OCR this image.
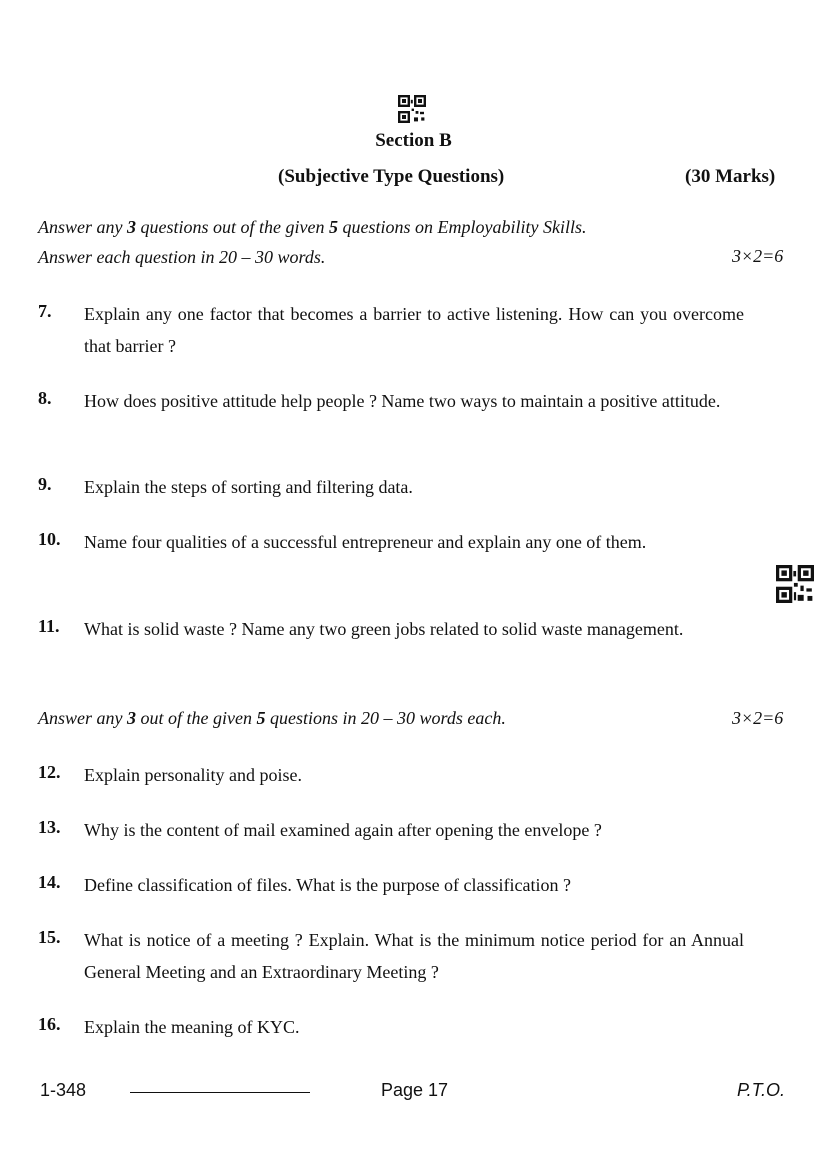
Section B
(Subjective Type Questions)	(30 Marks)
Answer any 3 questions out of the given 5 questions on Employability Skills.
Answer each question in 20 – 30 words.	3×2=6
7. Explain any one factor that becomes a barrier to active listening. How can you overcome that barrier ?
8. How does positive attitude help people ? Name two ways to maintain a positive attitude.
9. Explain the steps of sorting and filtering data.
10. Name four qualities of a successful entrepreneur and explain any one of them.
11. What is solid waste ? Name any two green jobs related to solid waste management.
Answer any 3 out of the given 5 questions in 20 – 30 words each.	3×2=6
12. Explain personality and poise.
13. Why is the content of mail examined again after opening the envelope ?
14. Define classification of files. What is the purpose of classification ?
15. What is notice of a meeting ? Explain. What is the minimum notice period for an Annual General Meeting and an Extraordinary Meeting ?
16. Explain the meaning of KYC.
1-348	Page 17	P.T.O.
